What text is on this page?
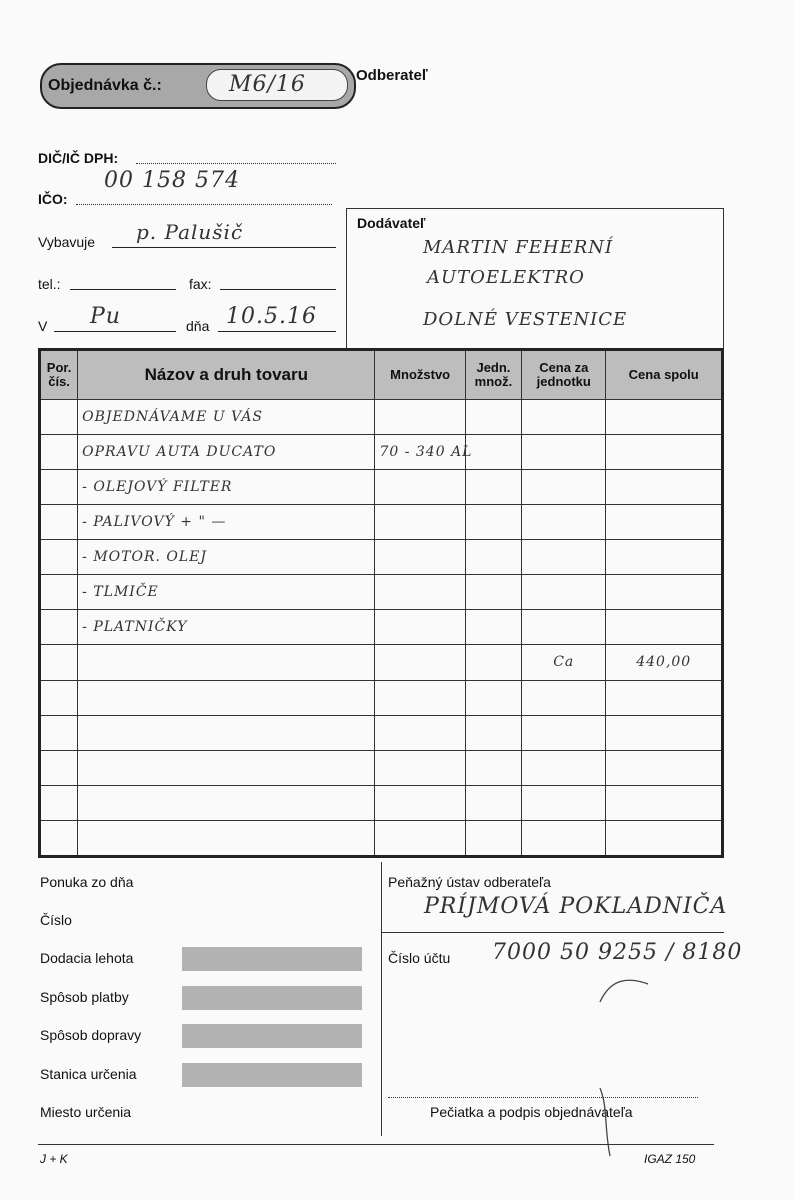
Objednávka č.:	M6/16	Odberateľ
DIČ/IČ DPH:
IČO:
00 158 574
Vybavuje p. Palušič
tel.:	fax:
V Pu	dňa 10.5.16
Dodávateľ
MARTIN FEHERNÍ
AUTOELEKTRO
DOLNÉ VESTENICE
Por. čís.	Názov a druh tovaru	Množstvo	Jedn. množ.	Cena za jednotku	Cena spolu
	OBJEDNÁVAME U VÁS				
	OPRAVU AUTA DUCATO	70 - 340 AL			
	- OLEJOVÝ FILTER				
	- PALIVOVÝ + " —				
	- MOTOR. OLEJ				
	- TLMIČE				
	- PLATNIČKY				
				Ca	440,00

Ponuka zo dňa
Číslo
Dodacia lehota
Spôsob platby
Spôsob dopravy
Stanica určenia
Miesto určenia
Peňažný ústav odberateľa
PRÍJMOVÁ POKLADNIČA
Číslo účtu 7000 50 9255 / 8180
Pečiatka a podpis objednávateľa
J + K	IGAZ 150
